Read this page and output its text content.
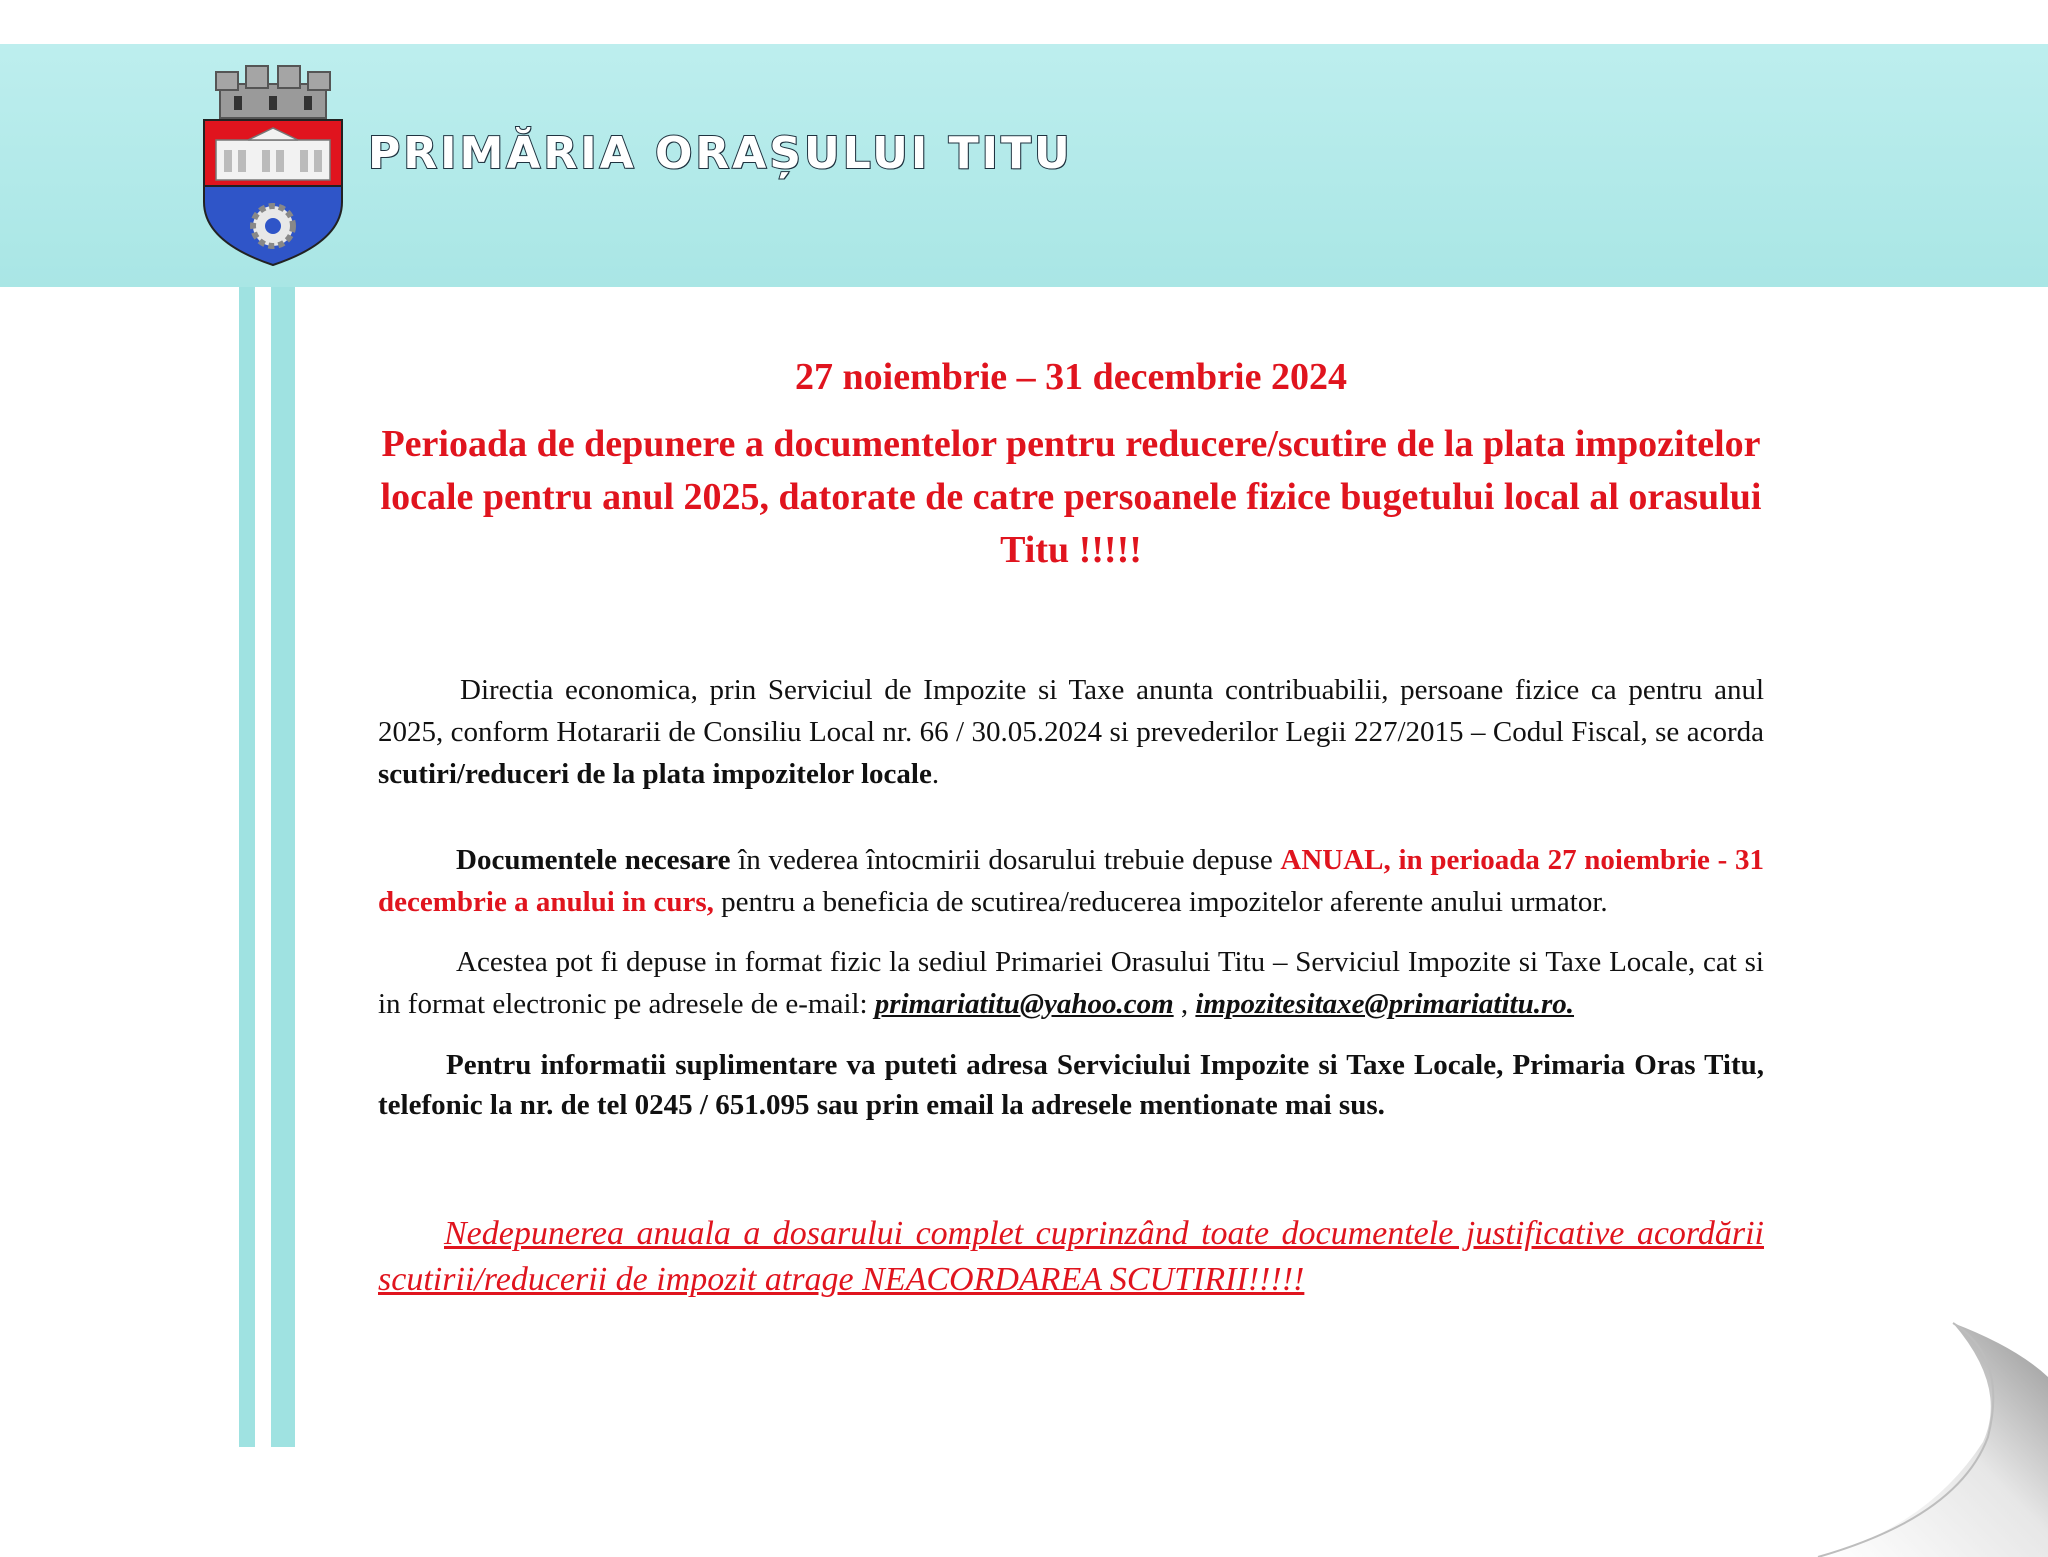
PRIMĂRIA ORAȘULUI TITU
27 noiembrie – 31 decembrie 2024
Perioada de depunere a documentelor pentru reducere/scutire de la plata impozitelor locale pentru anul 2025, datorate de catre persoanele fizice bugetului local al orasului Titu !!!!!

Directia economica, prin Serviciul de Impozite si Taxe anunta contribuabilii, persoane fizice ca pentru anul 2025, conform Hotararii de Consiliu Local nr. 66 / 30.05.2024 si prevederilor Legii 227/2015 – Codul Fiscal, se acorda scutiri/reduceri de la plata impozitelor locale.

Documentele necesare în vederea întocmirii dosarului trebuie depuse ANUAL, in perioada 27 noiembrie - 31 decembrie a anului in curs, pentru a beneficia de scutirea/reducerea impozitelor aferente anului urmator.

Acestea pot fi depuse in format fizic la sediul Primariei Orasului Titu – Serviciul Impozite si Taxe Locale, cat si in format electronic pe adresele de e-mail: primariatitu@yahoo.com , impozitesitaxe@primariatitu.ro.

Pentru informatii suplimentare va puteti adresa Serviciului Impozite si Taxe Locale, Primaria Oras Titu, telefonic la nr. de tel 0245 / 651.095 sau prin email la adresele mentionate mai sus.

Nedepunerea anuala a dosarului complet cuprinzând toate documentele justificative acordării scutirii/reducerii de impozit atrage NEACORDAREA SCUTIRII!!!!!
